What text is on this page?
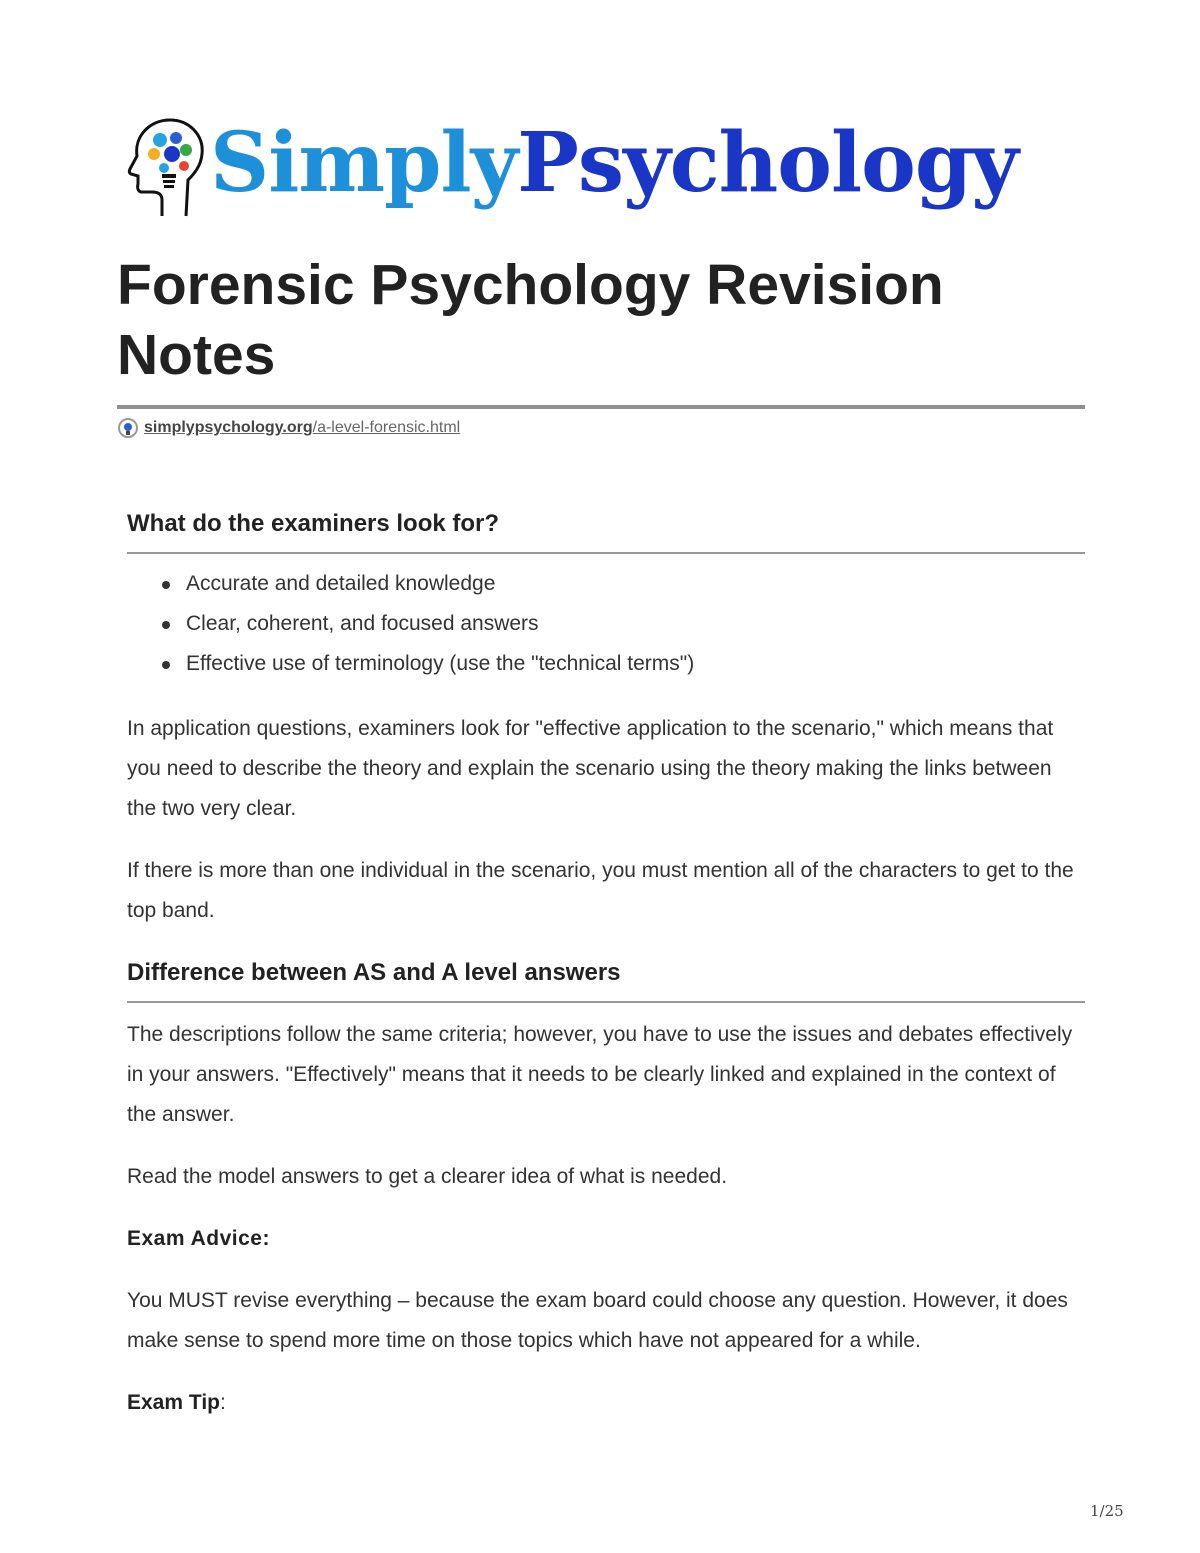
SimplyPsychology
Forensic Psychology Revision Notes
simplypsychology.org/a-level-forensic.html
What do the examiners look for?
Accurate and detailed knowledge
Clear, coherent, and focused answers
Effective use of terminology (use the "technical terms")

In application questions, examiners look for "effective application to the scenario," which means that you need to describe the theory and explain the scenario using the theory making the links between the two very clear.

If there is more than one individual in the scenario, you must mention all of the characters to get to the top band.

Difference between AS and A level answers

The descriptions follow the same criteria; however, you have to use the issues and debates effectively in your answers. "Effectively" means that it needs to be clearly linked and explained in the context of the answer.

Read the model answers to get a clearer idea of what is needed.

Exam Advice:

You MUST revise everything – because the exam board could choose any question. However, it does make sense to spend more time on those topics which have not appeared for a while.

Exam Tip:

1/25
